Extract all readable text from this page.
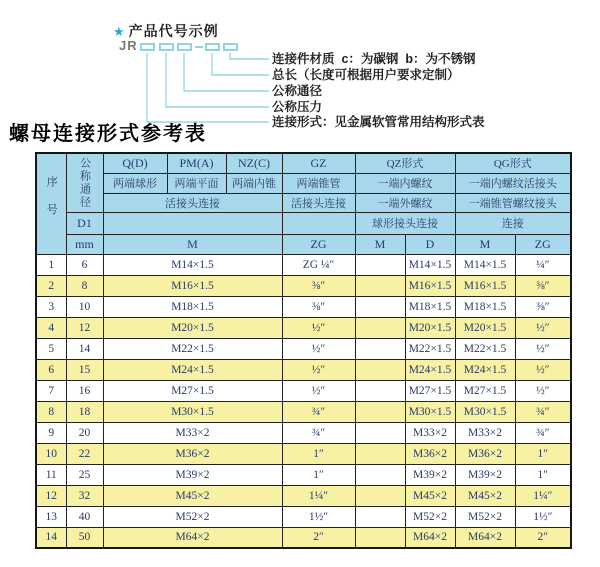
★ 产品代号示例
JR
连接件材质  c：为碳钢  b：为不锈钢
总长（长度可根据用户要求定制）
公称通径
公称压力
连接形式：见金属软管常用结构形式表
螺母连接形式参考表
序号	公称通径	Q(D)	PM(A)	NZ(C)	GZ	QZ形式		QG形式	
		两端球形	两端平面	两端内锥	两端锥管	一端内螺纹		一端内螺纹活接头	
		活接头连接			活接头连接	一端外螺纹		一端锥管螺纹接头	
	D1					球形接头连接		连接	
	mm	M			ZG	M	D	M	ZG
1	6	M14×1.5			ZG ¼″		M14×1.5	M14×1.5	¼″
2	8	M16×1.5			⅜″		M16×1.5	M16×1.5	⅜″
3	10	M18×1.5			⅜″		M18×1.5	M18×1.5	⅜″
4	12	M20×1.5			½″		M20×1.5	M20×1.5	½″
5	14	M22×1.5			½″		M22×1.5	M22×1.5	½″
6	15	M24×1.5			½″		M24×1.5	M24×1.5	½″
7	16	M27×1.5			½″		M27×1.5	M27×1.5	½″
8	18	M30×1.5			¾″		M30×1.5	M30×1.5	¾″
9	20	M33×2			¾″		M33×2	M33×2	¾″
10	22	M36×2			1″		M36×2	M36×2	1″
11	25	M39×2			1″		M39×2	M39×2	1″
12	32	M45×2			1¼″		M45×2	M45×2	1¼″
13	40	M52×2			1½″		M52×2	M52×2	1½″
14	50	M64×2			2″		M64×2	M64×2	2″
